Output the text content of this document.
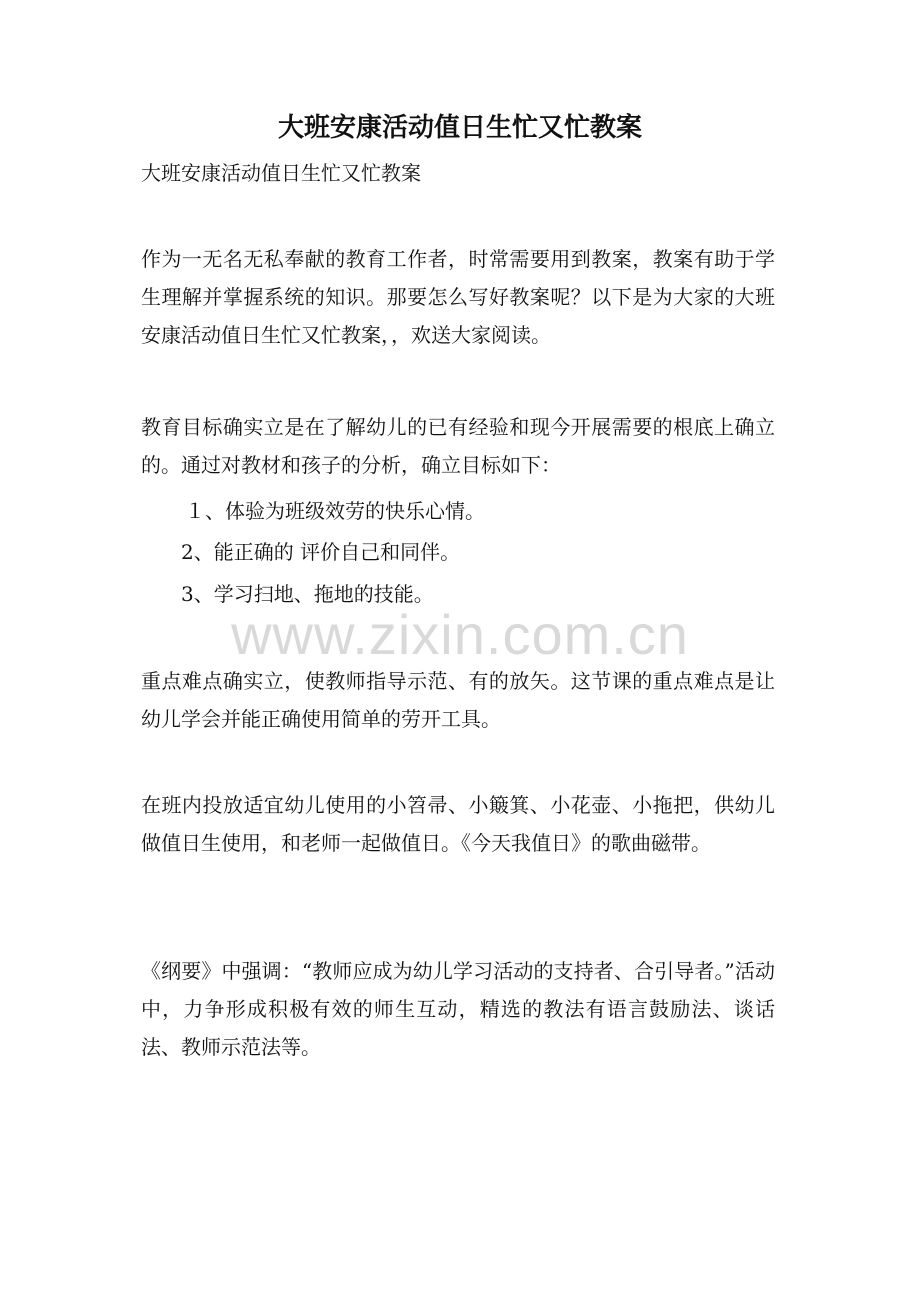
www.zixin.com.cn
大班安康活动值日生忙又忙教案

大班安康活动值日生忙又忙教案

作为一无名无私奉献的教育工作者，时常需要用到教案，教案有助于学生理解并掌握系统的知识。那要怎么写好教案呢？以下是为大家的大班安康活动值日生忙又忙教案，，欢送大家阅读。

教育目标确实立是在了解幼儿的已有经验和现今开展需要的根底上确立的。通过对教材和孩子的分析，确立目标如下：

１、体验为班级效劳的快乐心情。

2、能正确的 评价自己和同伴。

3、学习扫地、拖地的技能。

重点难点确实立，使教师指导示范、有的放矢。这节课的重点难点是让幼儿学会并能正确使用简单的劳开工具。

在班内投放适宜幼儿使用的小笤帚、小簸箕、小花壶、小拖把，供幼儿做值日生使用，和老师一起做值日。《今天我值日》的歌曲磁带。

《纲要》中强调：“教师应成为幼儿学习活动的支持者、合引导者。”活动中，力争形成积极有效的师生互动，精选的教法有语言鼓励法、谈话法、教师示范法等。
